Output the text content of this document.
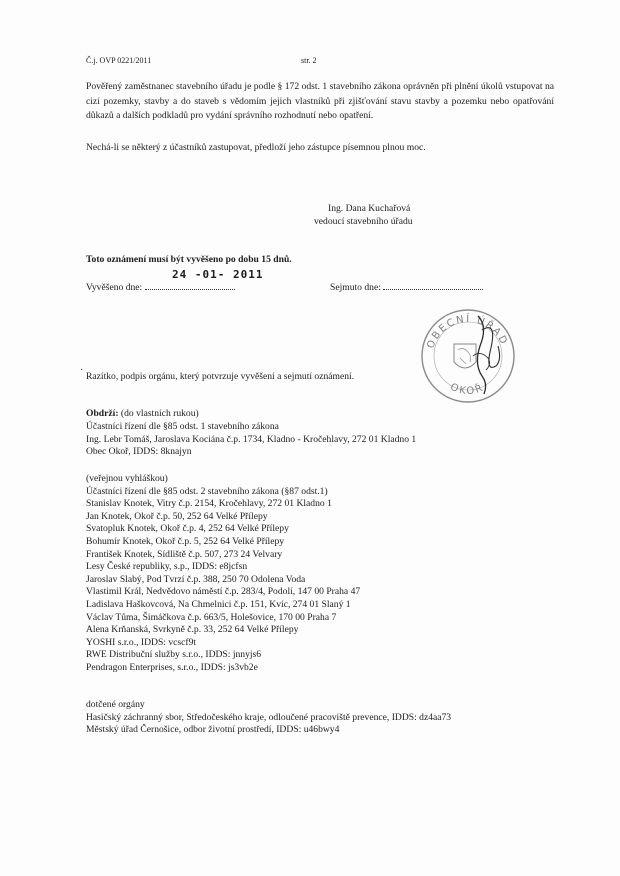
Č.j. OVP 0221/2011	str. 2
Pověřený zaměstnanec stavebního úřadu je podle § 172 odst. 1 stavebního zákona oprávněn při plnění úkolů vstupovat na cizí pozemky, stavby a do staveb s vědomím jejich vlastníků při zjišťování stavu stavby a pozemku nebo opatřování důkazů a dalších podkladů pro vydání správního rozhodnutí nebo opatření.
Nechá-li se některý z účastníků zastupovat, předloží jeho zástupce písemnou plnou moc.
Ing. Dana Kuchařová
vedoucí stavebního úřadu
Toto oznámení musí být vyvěšeno po dobu 15 dnů.
Vyvěšeno dne:
24 -01- 2011
Sejmuto dne:
OBECNÍ ÚŘAD
OKOŘ
˙ Razítko, podpis orgánu, který potvrzuje vyvěšení a sejmutí oznámení.
Obdrží: (do vlastních rukou)
Účastníci řízení dle §85 odst. 1 stavebního zákona
Ing. Lebr Tomáš, Jaroslava Kociána č.p. 1734, Kladno - Kročehlavy, 272 01 Kladno 1
Obec Okoř, IDDS: 8knajyn
(veřejnou vyhláškou)
Účastníci řízení dle §85 odst. 2 stavebního zákona (§87 odst.1)
Stanislav Knotek, Vitry č.p. 2154, Kročehlavy, 272 01 Kladno 1
Jan Knotek, Okoř č.p. 50, 252 64 Velké Přílepy
Svatopluk Knotek, Okoř č.p. 4, 252 64 Velké Přílepy
Bohumír Knotek, Okoř č.p. 5, 252 64 Velké Přílepy
František Knotek, Sídliště č.p. 507, 273 24 Velvary
Lesy České republiky, s.p., IDDS: e8jcfsn
Jaroslav Slabý, Pod Tvrzí č.p. 388, 250 70 Odolena Voda
Vlastimil Král, Nedvědovo náměstí č.p. 283/4, Podolí, 147 00 Praha 47
Ladislava Haškovcová, Na Chmelnici č.p. 151, Kvíc, 274 01 Slaný 1
Václav Tůma, Šimáčkova č.p. 663/5, Holešovice, 170 00 Praha 7
Alena Krňanská, Svrkyně č.p. 33, 252 64 Velké Přílepy
YOSHI s.r.o., IDDS: vcscf9t
RWE Distribuční služby s.r.o., IDDS: jnnyjs6
Pendragon Enterprises, s.r.o., IDDS: js3vb2e
dotčené orgány
Hasičský záchranný sbor, Středočeského kraje, odloučené pracoviště prevence, IDDS: dz4aa73
Městský úřad Černošice, odbor životní prostředí, IDDS: u46bwy4
